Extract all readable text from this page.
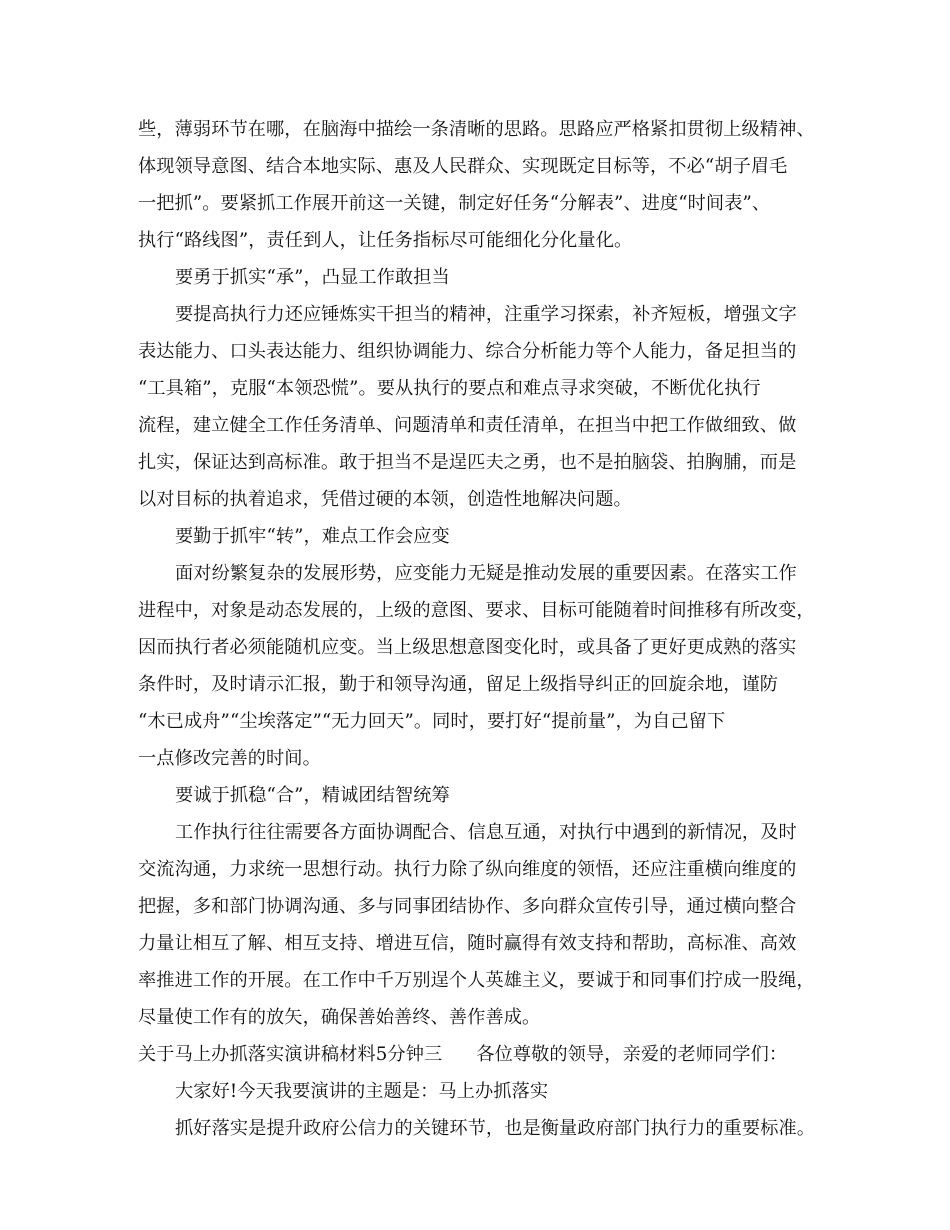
些，薄弱环节在哪，在脑海中描绘一条清晰的思路。思路应严格紧扣贯彻上级精神、
体现领导意图、结合本地实际、惠及人民群众、实现既定目标等，不必“胡子眉毛
一把抓”。要紧抓工作展开前这一关键，制定好任务“分解表”、进度“时间表”、
执行“路线图”，责任到人，让任务指标尽可能细化分化量化。
要勇于抓实“承”，凸显工作敢担当
要提高执行力还应锤炼实干担当的精神，注重学习探索，补齐短板，增强文字
表达能力、口头表达能力、组织协调能力、综合分析能力等个人能力，备足担当的
“工具箱”，克服“本领恐慌”。要从执行的要点和难点寻求突破，不断优化执行
流程，建立健全工作任务清单、问题清单和责任清单，在担当中把工作做细致、做
扎实，保证达到高标准。敢于担当不是逞匹夫之勇，也不是拍脑袋、拍胸脯，而是
以对目标的执着追求，凭借过硬的本领，创造性地解决问题。
要勤于抓牢“转”，难点工作会应变
面对纷繁复杂的发展形势，应变能力无疑是推动发展的重要因素。在落实工作
进程中，对象是动态发展的，上级的意图、要求、目标可能随着时间推移有所改变，
因而执行者必须能随机应变。当上级思想意图变化时，或具备了更好更成熟的落实
条件时，及时请示汇报，勤于和领导沟通，留足上级指导纠正的回旋余地，谨防
“木已成舟”“尘埃落定”“无力回天”。同时，要打好“提前量”，为自己留下
一点修改完善的时间。
要诚于抓稳“合”，精诚团结智统筹
工作执行往往需要各方面协调配合、信息互通，对执行中遇到的新情况，及时
交流沟通，力求统一思想行动。执行力除了纵向维度的领悟，还应注重横向维度的
把握，多和部门协调沟通、多与同事团结协作、多向群众宣传引导，通过横向整合
力量让相互了解、相互支持、增进互信，随时赢得有效支持和帮助，高标准、高效
率推进工作的开展。在工作中千万别逞个人英雄主义，要诚于和同事们拧成一股绳，
尽量使工作有的放矢，确保善始善终、善作善成。
关于马上办抓落实演讲稿材料5分钟三 各位尊敬的领导，亲爱的老师同学们：
大家好!今天我要演讲的主题是：马上办抓落实
抓好落实是提升政府公信力的关键环节，也是衡量政府部门执行力的重要标准。
